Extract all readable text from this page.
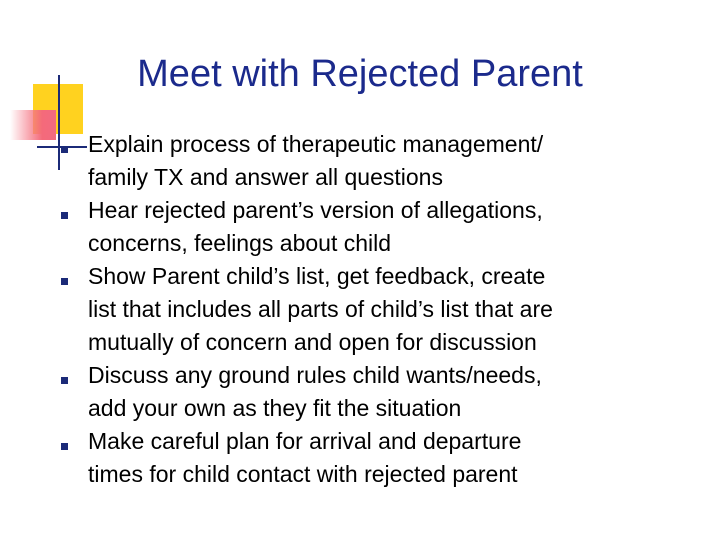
Meet with Rejected Parent
Explain process of therapeutic management/
family TX and answer all questions
Hear rejected parent’s version of allegations,
concerns, feelings about child
Show Parent child’s list, get feedback, create
list that includes all parts of child’s list that are
mutually of concern and open for discussion
Discuss any ground rules child wants/needs,
add your own as they fit the situation
Make careful plan for arrival and departure
times for child contact with rejected parent
